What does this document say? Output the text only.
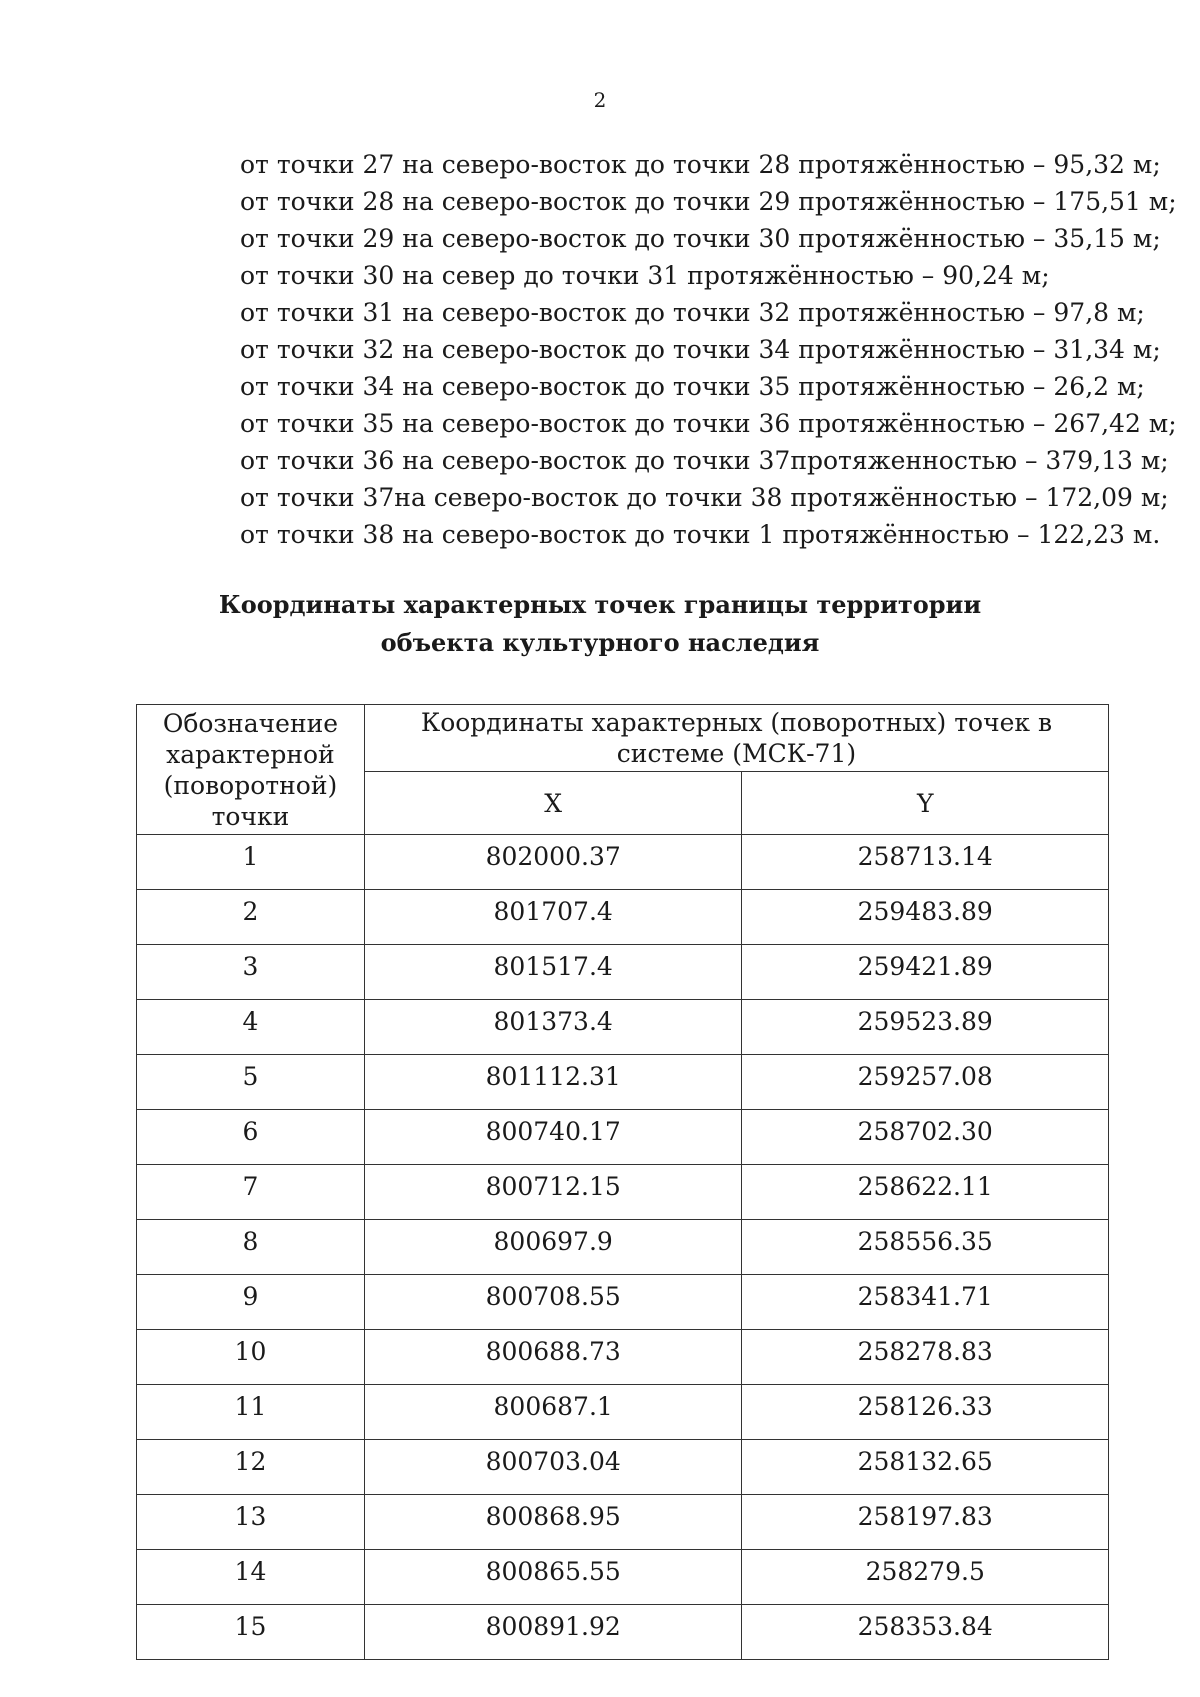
2
от точки 27 на северо-восток до точки 28 протяжённостью – 95,32 м;
от точки 28 на северо-восток до точки 29 протяжённостью – 175,51 м;
от точки 29 на северо-восток до точки 30 протяжённостью – 35,15 м;
от точки 30 на север до точки 31 протяжённостью – 90,24 м;
от точки 31 на северо-восток до точки 32 протяжённостью – 97,8 м;
от точки 32 на северо-восток до точки 34 протяжённостью – 31,34 м;
от точки 34 на северо-восток до точки 35 протяжённостью – 26,2 м;
от точки 35 на северо-восток до точки 36 протяжённостью – 267,42 м;
от точки 36 на северо-восток до точки 37протяженностью – 379,13 м;
от точки 37на северо-восток до точки 38 протяжённостью – 172,09 м;
от точки 38 на северо-восток до точки 1 протяжённостью – 122,23 м.
Координаты характерных точек границы территории
объекта культурного наследия
Обозначение характерной (поворотной) точки	Координаты характерных (поворотных) точек в системе (МСК-71)	
	X	Y
1	802000.37	258713.14
2	801707.4	259483.89
3	801517.4	259421.89
4	801373.4	259523.89
5	801112.31	259257.08
6	800740.17	258702.30
7	800712.15	258622.11
8	800697.9	258556.35
9	800708.55	258341.71
10	800688.73	258278.83
11	800687.1	258126.33
12	800703.04	258132.65
13	800868.95	258197.83
14	800865.55	258279.5
15	800891.92	258353.84
